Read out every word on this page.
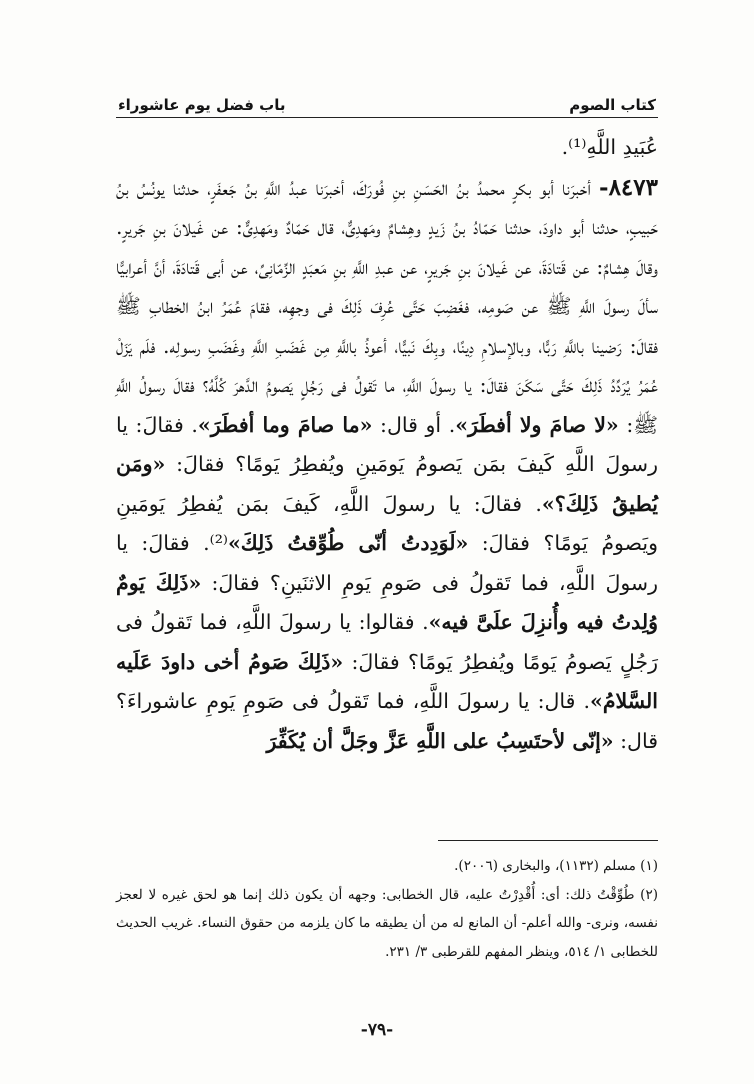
كتاب الصوم
باب فضل يوم عاشوراء

عُبَيدِ اللَّهِ⁽¹⁾.

٨٤٧٣- أخبرَنا أبو بكرٍ محمدُ بنُ الحَسَنِ بنِ فُورَكَ، أخبرَنا عبدُ اللَّهِ بنُ جَعفَرٍ، حدثنا يونُسُ بنُ حَبيبٍ، حدثنا أبو داودَ، حدثنا حَمّادُ بنُ زَيدٍ وهِشامٌ ومَهدِىٌّ، قال حَمّادٌ ومَهدِىٌّ: عن غَيلانَ بنِ جَريرٍ. وقالَ هِشامٌ: عن قَتادَةَ، عن غَيلانَ بنِ جَريرٍ، عن عبدِ اللَّهِ بنِ مَعبَدٍ الزِّمّانِىِّ، عن أبى قَتادَةَ، أنَّ أعرابيًّا سألَ رسولَ اللَّهِ ﷺ عن صَومِه، فغَضِبَ حَتَّى عُرِفَ ذَلِكَ فى وجهِه، فقامَ عُمَرُ ابنُ الخطابِ ﷺ فقالَ: رَضينا باللَّهِ رَبًّا، وبالإسلامِ دِينًا، وبِكَ نَبيًّا، أعوذُ باللَّهِ مِن غَضَبِ اللَّهِ وغَضَبِ رسولِه. فلَم يَزَلْ عُمَرُ يُرَدِّدُ ذَلِكَ حَتَّى سَكَنَ فقالَ: يا رسولَ اللَّهِ، ما تَقولُ فى رَجُلٍ يَصومُ الدَّهرَ كُلَّهُ؟ فقالَ رسولُ اللَّهِ ﷺ: «لا صامَ ولا أفطَرَ». أو قال: «ما صامَ وما أفطَرَ». فقالَ: يا رسولَ اللَّهِ كَيفَ بمَن يَصومُ يَومَينِ ويُفطِرُ يَومًا؟ فقالَ: «ومَن يُطيقُ ذَلِكَ؟». فقالَ: يا رسولَ اللَّهِ، كَيفَ بمَن يُفطِرُ يَومَينِ ويَصومُ يَومًا؟ فقالَ: «لَوَدِدتُ أنّى طُوِّقتُ ذَلِكَ»⁽²⁾. فقالَ: يا رسولَ اللَّهِ، فما تَقولُ فى صَومِ يَومِ الاثنَينِ؟ فقالَ: «ذَلِكَ يَومٌ وُلِدتُ فيه وأُنزِلَ علَىَّ فيه». فقالوا: يا رسولَ اللَّهِ، فما تَقولُ فى رَجُلٍ يَصومُ يَومًا ويُفطِرُ يَومًا؟ فقالَ: «ذَلِكَ صَومُ أخى داودَ عَلَيه السَّلامُ». قال: يا رسولَ اللَّهِ، فما تَقولُ فى صَومِ يَومِ عاشوراءَ؟ قال: «إنّى لأحتَسِبُ على اللَّهِ عَزَّ وجَلَّ أن يُكَفِّرَ

(١) مسلم (١١٣٢)، والبخارى (٢٠٠٦).

(٢) طُوِّقْتُ ذلك: أى: أُقْدِرْتُ عليه، قال الخطابى: وجهه أن يكون ذلك إنما هو لحق غيره لا لعجز نفسه، ونرى- والله أعلم- أن المانع له من أن يطيقه ما كان يلزمه من حقوق النساء. غريب الحديث للخطابى ١/ ٥١٤، وينظر المفهم للقرطبى ٣/ ٢٣١.

-٧٩-
